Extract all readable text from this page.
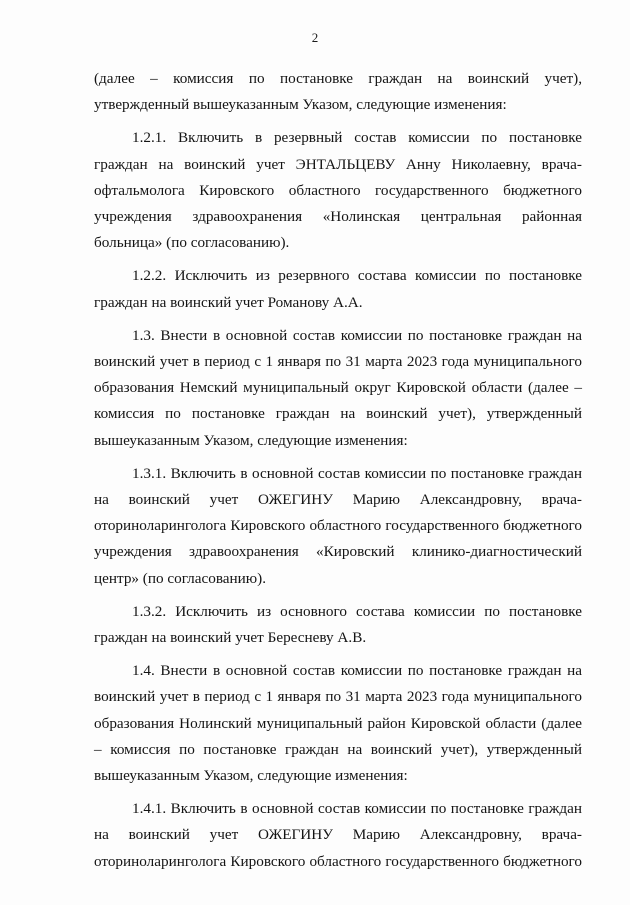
2

(далее – комиссия по постановке граждан на воинский учет), утвержденный вышеуказанным Указом, следующие изменения:

1.2.1. Включить в резервный состав комиссии по постановке граждан на воинский учет ЭНТАЛЬЦЕВУ Анну Николаевну, врача-офтальмолога Кировского областного государственного бюджетного учреждения здравоохранения «Нолинская центральная районная больница» (по согласованию).

1.2.2. Исключить из резервного состава комиссии по постановке граждан на воинский учет Романову А.А.

1.3. Внести в основной состав комиссии по постановке граждан на воинский учет в период с 1 января по 31 марта 2023 года муниципального образования Немский муниципальный округ Кировской области (далее – комиссия по постановке граждан на воинский учет), утвержденный вышеуказанным Указом, следующие изменения:

1.3.1. Включить в основной состав комиссии по постановке граждан на воинский учет ОЖЕГИНУ Марию Александровну, врача-оториноларинголога Кировского областного государственного бюджетного учреждения здравоохранения «Кировский клинико-диагностический центр» (по согласованию).

1.3.2. Исключить из основного состава комиссии по постановке граждан на воинский учет Бересневу А.В.

1.4. Внести в основной состав комиссии по постановке граждан на воинский учет в период с 1 января по 31 марта 2023 года муниципального образования Нолинский муниципальный район Кировской области (далее – комиссия по постановке граждан на воинский учет), утвержденный вышеуказанным Указом, следующие изменения:

1.4.1. Включить в основной состав комиссии по постановке граждан на воинский учет ОЖЕГИНУ Марию Александровну, врача-оториноларинголога Кировского областного государственного бюджетного
